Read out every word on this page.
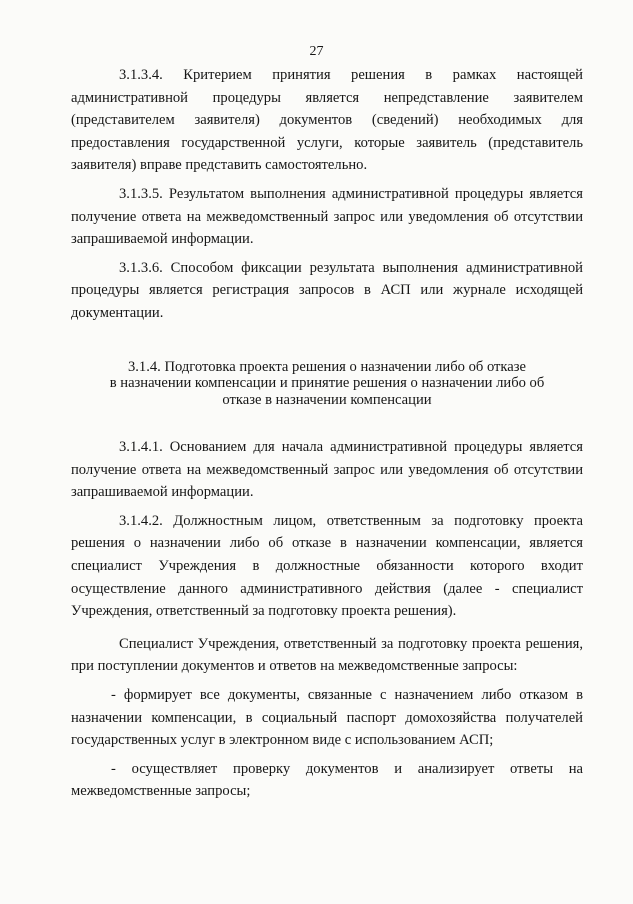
27

3.1.3.4. Критерием принятия решения в рамках настоящей административной процедуры является непредставление заявителем (представителем заявителя) документов (сведений) необходимых для предоставления государственной услуги, которые заявитель (представитель заявителя) вправе представить самостоятельно.

3.1.3.5. Результатом выполнения административной процедуры является получение ответа на межведомственный запрос или уведомления об отсутствии запрашиваемой информации.

3.1.3.6. Способом фиксации результата выполнения административной процедуры является регистрация запросов в АСП или журнале исходящей документации.

3.1.4. Подготовка проекта решения о назначении либо об отказе
в назначении компенсации и принятие решения о назначении либо об
отказе в назначении компенсации

3.1.4.1. Основанием для начала административной процедуры является получение ответа на межведомственный запрос или уведомления об отсутствии запрашиваемой информации.

3.1.4.2. Должностным лицом, ответственным за подготовку проекта решения о назначении либо об отказе в назначении компенсации, является специалист Учреждения в должностные обязанности которого входит осуществление данного административного действия (далее - специалист Учреждения, ответственный за подготовку проекта решения).

Специалист Учреждения, ответственный за подготовку проекта решения, при поступлении документов и ответов на межведомственные запросы:

- формирует все документы, связанные с назначением либо отказом в назначении компенсации, в социальный паспорт домохозяйства получателей государственных услуг в электронном виде с использованием АСП;

- осуществляет проверку документов и анализирует ответы на межведомственные запросы;
